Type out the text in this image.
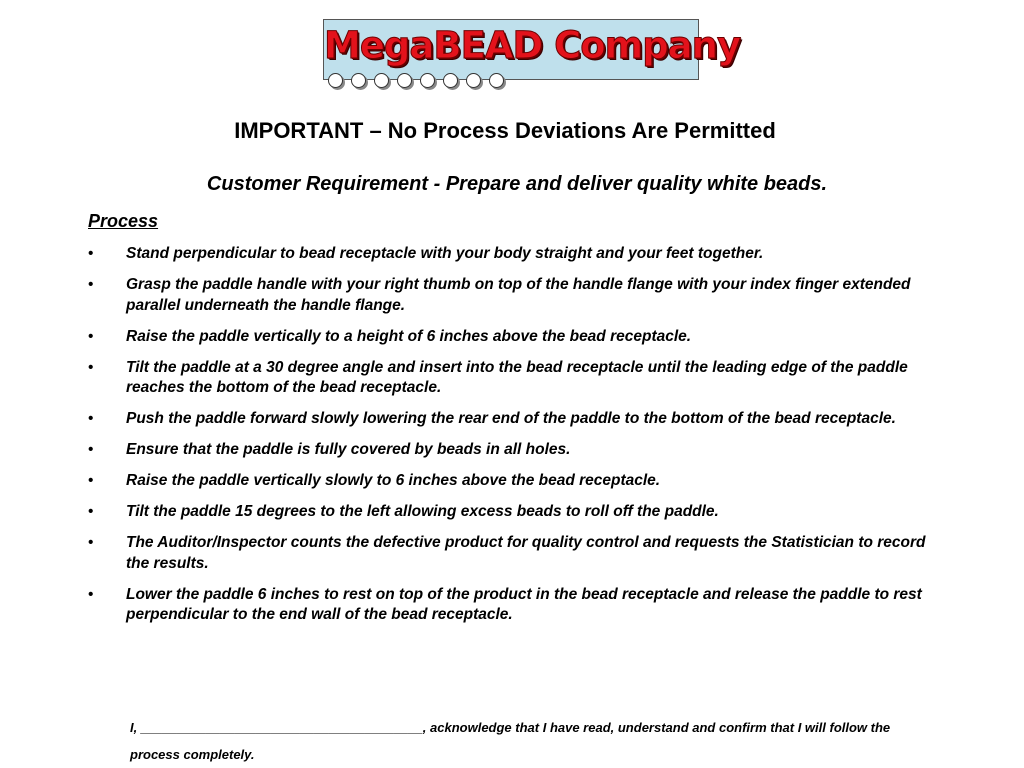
MegaBEAD Company
IMPORTANT – No Process Deviations Are Permitted
Customer Requirement - Prepare and deliver quality white beads.
Process
• Stand perpendicular to bead receptacle with your body straight and your feet together.
• Grasp the paddle handle with your right thumb on top of the handle flange with your index finger extended parallel underneath the handle flange.
• Raise the paddle vertically to a height of 6 inches above the bead receptacle.
• Tilt the paddle at a 30 degree angle and insert into the bead receptacle until the leading edge of the paddle reaches the bottom of the bead receptacle.
• Push the paddle forward slowly lowering the rear end of the paddle to the bottom of the bead receptacle.
• Ensure that the paddle is fully covered by beads in all holes.
• Raise the paddle vertically slowly to 6 inches above the bead receptacle.
• Tilt the paddle 15 degrees to the left allowing excess beads to roll off the paddle.
• The Auditor/Inspector counts the defective product for quality control and requests the Statistician to record the results.
• Lower the paddle 6 inches to rest on top of the product in the bead receptacle and release the paddle to rest perpendicular to the end wall of the bead receptacle.
I, _______________________________________, acknowledge that I have read, understand and confirm that I will follow the process completely.
